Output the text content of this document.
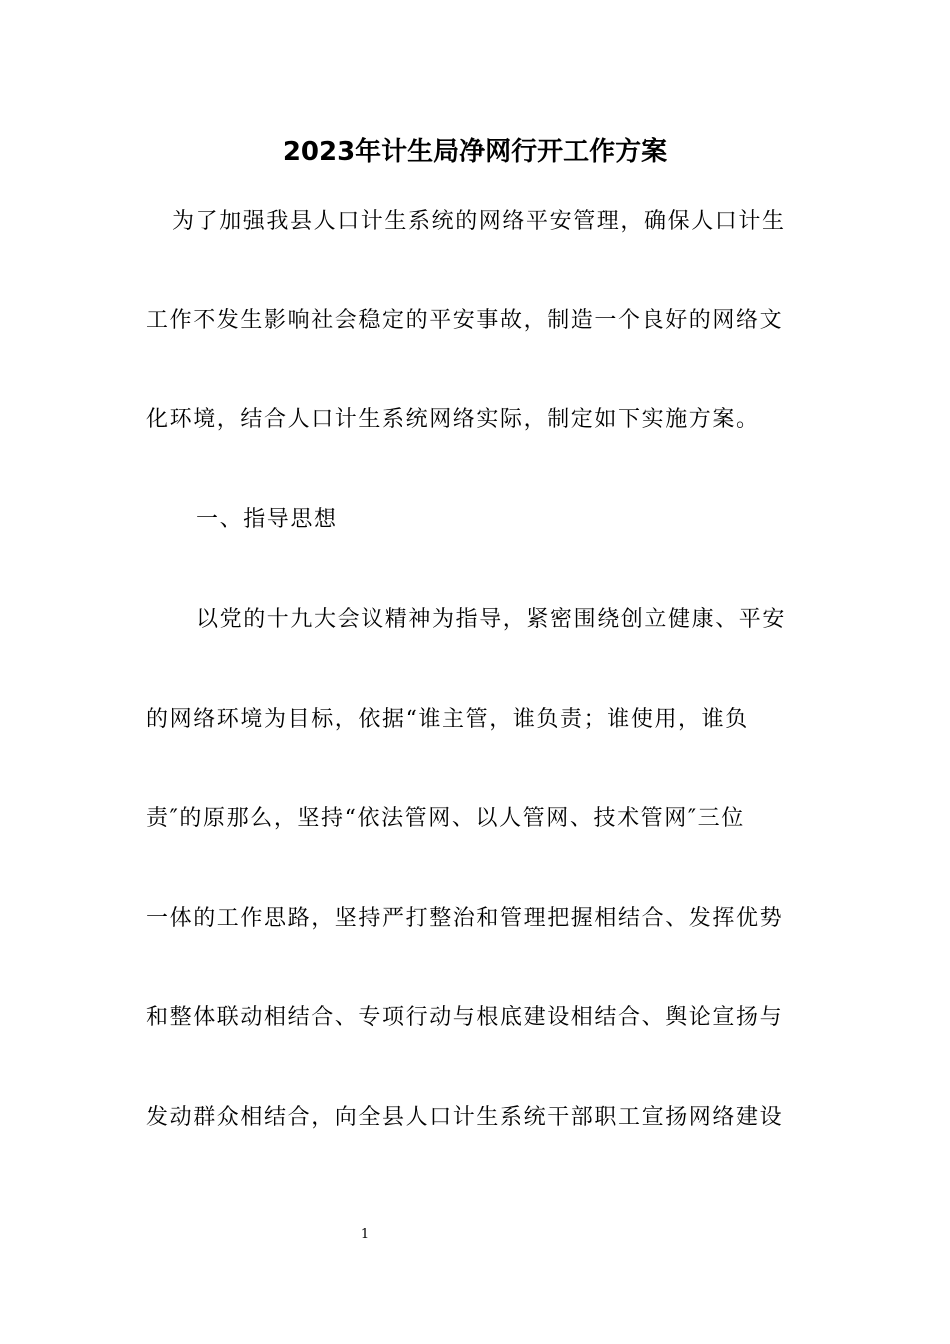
2023年计生局净网行开工作方案
为了加强我县人口计生系统的网络平安管理，确保人口计生
工作不发生影响社会稳定的平安事故，制造一个良好的网络文
化环境，结合人口计生系统网络实际，制定如下实施方案。
一、指导思想
以党的十九大会议精神为指导，紧密围绕创立健康、平安
的网络环境为目标，依据“谁主管，谁负责；谁使用，谁负
责″的原那么，坚持“依法管网、以人管网、技术管网″三位
一体的工作思路，坚持严打整治和管理把握相结合、发挥优势
和整体联动相结合、专项行动与根底建设相结合、舆论宣扬与
发动群众相结合，向全县人口计生系统干部职工宣扬网络建设
1
